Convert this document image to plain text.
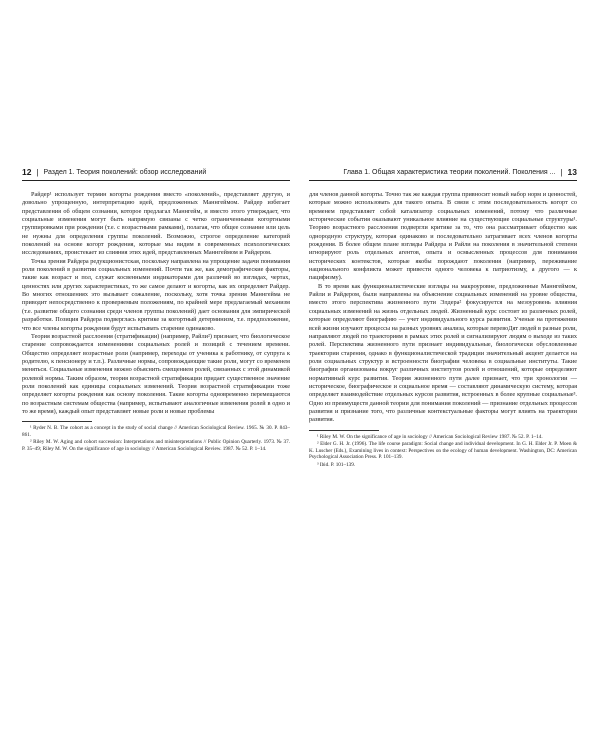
12 | Раздел 1. Теория поколений: обзор исследований

Райдер¹ использует термин когорты рождения вместо «поколений», представляет другую, и довольно упрощенную, интерпретацию идей, предложенных Маннгеймом. Райдер избегает представления об общем сознании, которое предлагал Маннгейм, и вместо этого утверждает, что социальные изменения могут быть напрямую связаны с четко ограниченными когортными группировками при рождении (т.е. с возрастными рамками), полагая, что общее сознание или цель не нужны для определения группы поколений. Возможно, строгое определение категорий поколений на основе когорт рождения, которые мы видим в современных психологических исследованиях, проистекает из слияния этих идей, представленных Маннгеймом и Райдером.

Точка зрения Райдера редукционистская, поскольку направлена на упрощение задачи понимания роли поколений в развитии социальных изменений. Почти так же, как демографические факторы, такие как возраст и пол, служат косвенными индикаторами для различий во взглядах, чертах, ценностях или других характеристиках, то же самое делают и когорты, как их определяет Райдер. Во многих отношениях это вызывает сожаление, поскольку, хотя точка зрения Маннгейма не приводит непосредственно к проверяемым положениям, по крайней мере предлагаемый механизм (т.е. развитие общего сознания среди членов группы поколений) дает основания для эмпирической разработки. Позиция Райдера подверглась критике за когортный детерминизм, т.е. предположение, что все члены когорты рождения будут испытывать старение одинаково.

Теория возрастной расслоения (стратификации) (например, Райли²) признает, что биологическое старение сопровождается изменениями социальных ролей и позиций с течением времени. Общество определяет возрастные роли (например, переходы от ученика к работнику, от супруга к родителю, к пенсионеру и т.п.). Различные нормы, сопровождающие такие роли, могут со временем меняться. Социальные изменения можно объяснить смещением ролей, связанных с этой динамикой ролевой нормы. Таким образом, теория возрастной стратификации придает существенное значение роли поколений как единицы социальных изменений. Теория возрастной стратификации тоже определяет когорты рождения как основу поколения. Такие когорты одновременно перемещаются по возрастным системам общества (например, испытывают аналогичные изменения ролей в одно и то же время), каждый опыт представляет новые роли и новые проблемы

¹ Ryder N. B. The cohort as a concept in the study of social change // American Sociological Review. 1965. № 30. P. 843–861.
² Riley M. W. Aging and cohort succession: Interpretations and misinterpretations // Public Opinion Quarterly. 1973. № 37. P. 35–49; Riley M. W. On the significance of age in sociology // American Sociological Review. 1987. № 52. P. 1–14.
Глава 1. Общая характеристика теории поколений. Поколения ... | 13

для членов данной когорты. Точно так же каждая группа привносит новый набор норм и ценностей, которые можно использовать для такого опыта. В связи с этим последовательность когорт со временем представляет собой катализатор социальных изменений, потому что различные исторические события оказывают уникальное влияние на существующие социальные структуры¹. Теорию возрастного расслоения подвергли критике за то, что она рассматривает общество как однородную структуру, которая одинаково и последовательно затрагивает всех членов когорты рождения. В более общем плане взгляды Райдера и Райли на поколения в значительной степени игнорируют роль отдельных агентов, опыта и осмысленных процессов для понимания исторических контекстов, которые якобы порождают поколения (например, переживание национального конфликта может привести одного человека к патриотизму, а другого — к пацифизму).

В то время как функционалистические взгляды на макроуровне, предложенные Маннгеймом, Райли и Райдером, были направлены на объяснение социальных изменений на уровне общества, вместо этого перспектива жизненного пути Элдера² фокусируется на мезоуровень влияния социальных изменений на жизнь отдельных людей. Жизненный курс состоит из различных ролей, которые определяют биографию — учет индивидуального курса развития. Ученые на протяжении всей жизни изучают процессы на разных уровнях анализа, которые перевоДят людей в разные роли, направляют людей по траекториям в рамках этих ролей и сигнализируют людям о выходе из таких ролей. Перспектива жизненного пути признает индивидуальные, биологически обусловленные траектории старения, однако в функционалистической традиции значительный акцент делается на роли социальных структур и встроенности биографии человека в социальные институты. Такие биографии организованы вокруг различных институтов ролей и отношений, которые определяют нормативный курс развития. Теория жизненного пути далее признает, что три хронологии — историческое, биографическое и социальное время — составляют динамическую систему, которая определяет взаимодействие отдельных курсов развития, встроенных в более крупные социальные³. Одно из преимуществ данной теории для понимания поколений — признание отдельных процессов развития и признание того, что различные контекстуальные факторы могут влиять на траектории развития.

¹ Riley M. W. On the significance of age in sociology // American Sociological Review 1987. № 52. P. 1–14.
² Elder G. H. Jr. (1996). The life course paradigm: Social change and individual development. In G. H. Elder Jr. P. Moen & K. Luscher (Eds.), Examining lives in context: Perspectives on the ecology of human development. Washington, DC: American Psychological Association Press. P. 101–139.
³ Ibid. P. 101–139.
